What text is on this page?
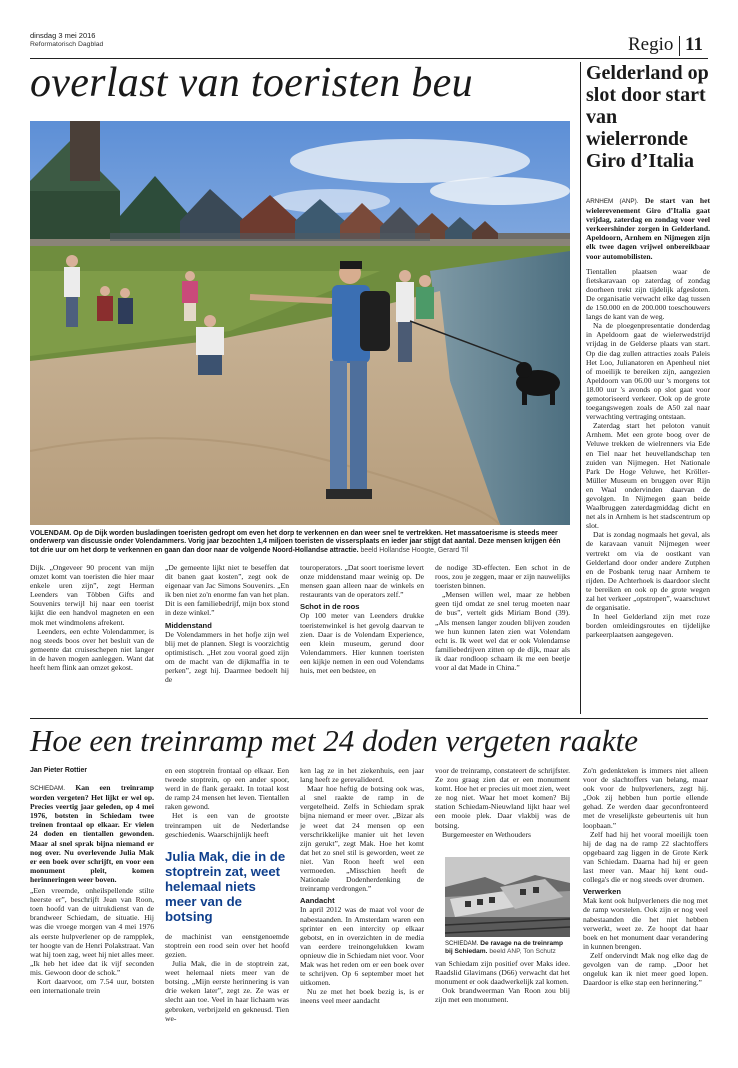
dinsdag 3 mei 2016
Reformatorisch Dagblad	Regio 11
overlast van toeristen beu
VOLENDAM. Op de Dijk worden busladingen toeristen gedropt om even het dorp te verkennen en dan weer snel te vertrekken. Het massatoerisme is steeds meer onderwerp van discussie onder Volendammers. Vorig jaar bezochten 1,4 miljoen toeristen de vissersplaats en ieder jaar stijgt dat aantal. Deze mensen krijgen één tot drie uur om het dorp te verkennen en gaan dan door naar de volgende Noord-Hollandse attractie. beeld Hollandse Hoogte, Gerard Til

Dijk. „Ongeveer 90 procent van mijn omzet komt van toeristen die hier maar enkele uren zijn”, zegt Herman Leenders van Többen Gifts and Souvenirs terwijl hij naar een toerist kijkt die een handvol magneten en een mok met windmolens afrekent.

Leenders, een echte Volendammer, is nog steeds boos over het besluit van de gemeente dat cruiseschepen niet langer in de haven mogen aanleggen. Want dat heeft hem flink aan omzet gekost.

„De gemeente lijkt niet te beseffen dat dit banen gaat kosten”, zegt ook de eigenaar van Jac Simons Souvenirs. „En ik ben niet zo'n enorme fan van het plan. Dit is een familiebedrijf, mijn box stond in deze winkel.”

Middenstand

De Volendammers in het hofje zijn wel blij met de plannen. Slegt is voorzichtig optimistisch. „Het zou vooral goed zijn om de macht van de dijkmaffia in te perken”, zegt hij. Daarmee bedoelt hij de

touroperators. „Dat soort toerisme levert onze middenstand maar weinig op. De mensen gaan alleen naar de winkels en restaurants van de operators zelf.”

Schot in de roos

Op 100 meter van Leenders drukke toeristenwinkel is het gevolg daarvan te zien. Daar is de Volendam Experience, een klein museum, gerund door Volendammers. Hier kunnen toeristen een kijkje nemen in een oud Volendams huis, met een bedstee, en

de nodige 3D-effecten. Een schot in de roos, zou je zeggen, maar er zijn nauwelijks toeristen binnen.

„Mensen willen wel, maar ze hebben geen tijd omdat ze snel terug moeten naar de bus”, vertelt gids Miriam Bond (39). „Als mensen langer zouden blijven zouden we hun kunnen laten zien wat Volendam echt is. Ik weet wel dat er ook Volendamse familiebedrijven zitten op de dijk, maar als ik daar rondloop schaam ik me een beetje voor al dat Made in China.”

Gelderland op slot door start van wielerronde Giro d’Italia

ARNHEM (ANP). De start van het wielerevenement Giro d’Italia gaat vrijdag, zaterdag en zondag voor veel verkeershinder zorgen in Gelderland. Apeldoorn, Arnhem en Nijmegen zijn elk twee dagen vrijwel onbereikbaar voor automobilisten.

Tientallen plaatsen waar de fietskaravaan op zaterdag of zondag doorheen trekt zijn tijdelijk afgesloten. De organisatie verwacht elke dag tussen de 150.000 en de 200.000 toeschouwers langs de kant van de weg.

Na de ploegenpresentatie donderdag in Apeldoorn gaat de wielerwedstrijd vrijdag in de Gelderse plaats van start. Op die dag zullen attracties zoals Paleis Het Loo, Julianatoren en Apenheul niet of moeilijk te bereiken zijn, aangezien Apeldoorn van 06.00 uur 's morgens tot 18.00 uur 's avonds op slot gaat voor gemotoriseerd verkeer. Ook op de grote toegangswegen zoals de A50 zal naar verwachting vertraging ontstaan.

Zaterdag start het peloton vanuit Arnhem. Met een grote boog over de Veluwe trekken de wielrenners via Ede en Tiel naar het heuvellandschap ten zuiden van Nijmegen. Het Nationale Park De Hoge Veluwe, het Kröller-Müller Museum en bruggen over Rijn en Waal ondervinden daarvan de gevolgen. In Nijmegen gaan beide Waalbruggen zaterdagmiddag dicht en net als in Arnhem is het stadscentrum op slot.

Dat is zondag nogmaals het geval, als de karavaan vanuit Nijmegen weer vertrekt om via de oostkant van Gelderland door onder andere Zutphen en de Posbank terug naar Arnhem te rijden. De Achterhoek is daardoor slecht te bereiken en ook op de grote wegen zal het verkeer „opstropen”, waarschuwt de organisatie.

In heel Gelderland zijn met roze borden omleidingsroutes en tijdelijke parkeerplaatsen aangegeven.

Hoe een treinramp met 24 doden vergeten raakte
Jan Pieter Rottier

SCHIEDAM. Kan een treinramp worden vergeten? Het lijkt er wel op. Precies veertig jaar geleden, op 4 mei 1976, botsten in Schiedam twee treinen frontaal op elkaar. Er vielen 24 doden en tientallen gewonden. Maar al snel sprak bijna niemand er nog over. Nu overlevende Julia Mak er een boek over schrijft, en voor een monument pleit, komen herinneringen weer boven.

„Een vreemde, onheilspellende stilte heerste er”, beschrijft Jean van Roon, toen hoofd van de uitrukdienst van de brandweer Schiedam, de situatie. Hij was die vroege morgen van 4 mei 1976 als eerste hulpverlener op de rampplek, ter hoogte van de Henri Polakstraat. Van wat hij toen zag, weet hij niet alles meer. „Ik heb het idee dat ik vijf seconden mis. Gewoon door de schok.”

Kort daarvoor, om 7.54 uur, botsten een internationale trein

en een stoptrein frontaal op elkaar. Een tweede stoptrein, op een ander spoor, werd in de flank geraakt. In totaal kost de ramp 24 mensen het leven. Tientallen raken gewond.

Het is een van de grootste treinrampen uit de Nederlandse geschiedenis. Waarschijnlijk heeft

Julia Mak, die in de stoptrein zat, weet helemaal niets meer van de botsing

de machinist van eenstgenoemde stoptrein een rood sein over het hoofd gezien.

Julia Mak, die in de stoptrein zat, weet helemaal niets meer van de botsing. „Mijn eerste herinnering is van drie weken later”, zegt ze. Ze was er slecht aan toe. Veel in haar lichaam was gebroken, verbrijzeld en gekneusd. Tien we-

ken lag ze in het ziekenhuis, een jaar lang heeft ze gerevalideerd.

Maar hoe heftig de botsing ook was, al snel raakte de ramp in de vergetelheid. Zelfs in Schiedam sprak bijna niemand er meer over. „Bizar als je weet dat 24 mensen op een verschrikkelijke manier uit het leven zijn gerukt”, zegt Mak. Hoe het komt dat het zo snel stil is geworden, weet ze niet. Van Roon heeft wel een vermoeden. „Misschien heeft de Nationale Dodenherdenking de treinramp verdrongen.”

Aandacht

In april 2012 was de maat vol voor de nabestaanden. In Amsterdam waren een sprinter en een intercity op elkaar gebotst, en in overzichten in de media van eerdere treinongelukken kwam opnieuw die in Schiedam niet voor. Voor Mak was het reden om er een boek over te schrijven. Op 6 september moet het uitkomen.

Nu ze met het boek bezig is, is er ineens veel meer aandacht

voor de treinramp, constateert de schrijfster. Ze zou graag zien dat er een monument komt. Hoe het er precies uit moet zien, weet ze nog niet. Waar het moet komen? Bij station Schiedam-Nieuwland lijkt haar wel een mooie plek. Daar vlakbij was de botsing.

Burgemeester en Wethouders

SCHIEDAM. De ravage na de treinramp bij Schiedam. beeld ANP, Ton Schutz

van Schiedam zijn positief over Maks idee. Raadslid Glavimans (D66) verwacht dat het monument er ook daadwerkelijk zal komen.

Ook brandweerman Van Roon zou blij zijn met een monument.

Zo'n gedenkteken is immers niet alleen voor de slachtoffers van belang, maar ook voor de hulpverleners, zegt hij. „Ook zij hebben hun portie ellende gehad. Ze werden daar geconfronteerd met de vreselijkste gebeurtenis uit hun loopbaan.”

Zelf had hij het vooral moeilijk toen hij de dag na de ramp 22 slachtoffers opgebaard zag liggen in de Grote Kerk van Schiedam. Daarna had hij er geen last meer van. Maar hij kent oud-collega's die er nog steeds over dromen.

Verwerken

Mak kent ook hulpverleners die nog met de ramp worstelen. Ook zijn er nog veel nabestaanden die het niet hebben verwerkt, weet ze. Ze hoopt dat haar boek en het monument daar verandering in kunnen brengen.

Zelf ondervindt Mak nog elke dag de gevolgen van de ramp. „Door het ongeluk kan ik niet meer goed lopen. Daardoor is elke stap een herinnering.”
